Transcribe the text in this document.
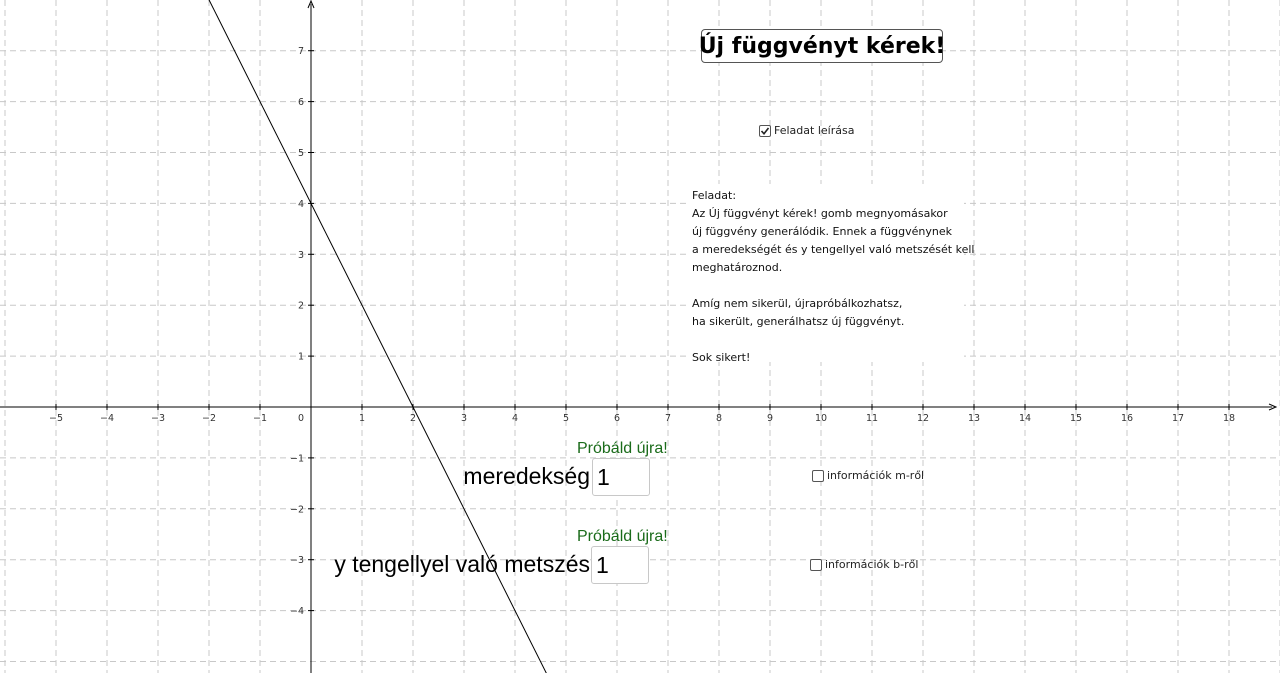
−5	−4	−3	−2	−1	0	1	2	3	4	5	6	7	8	9	10	11	12	13	14	15	16	17	18
7
6
5
4
3
2
1
−1
−2
−3
−4
Új függvényt kérek!
Feladat leírása
Feladat:
Az Új függvényt kérek! gomb megnyomásakor
új függvény generálódik. Ennek a függvénynek
a meredekségét és y tengellyel való metszését kell
meghatároznod.
Amíg nem sikerül, újrapróbálkozhatsz,
ha sikerült, generálhatsz új függvényt.
Sok sikert!
Próbáld újra!
meredekség
1	információk m-ről
Próbáld újra!
y tengellyel való metszés
1	információk b-ről
